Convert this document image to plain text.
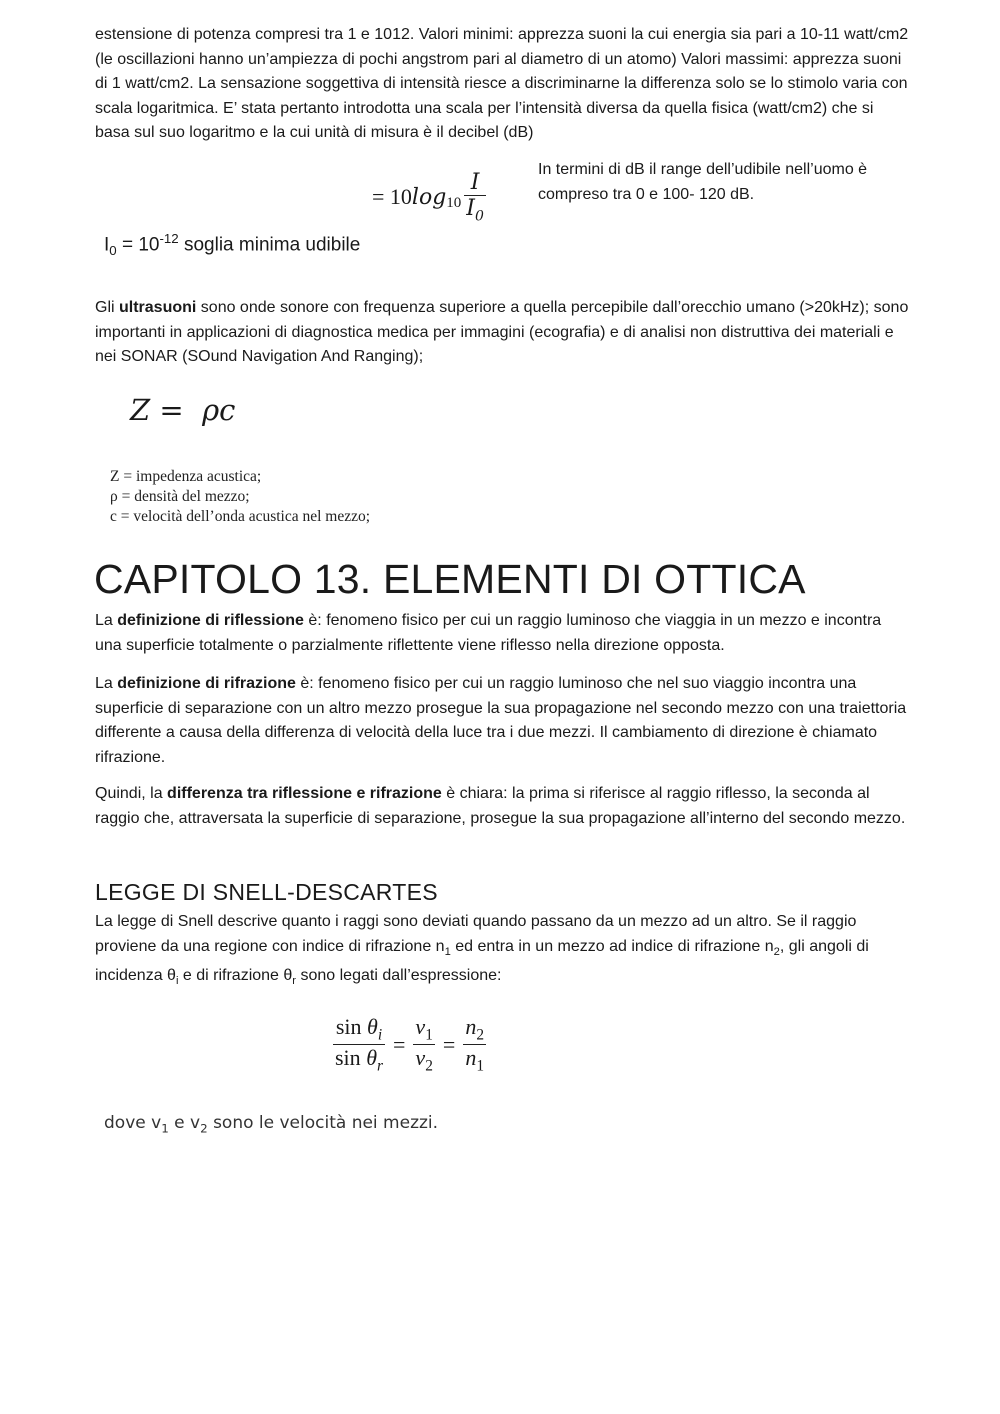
estensione di potenza compresi tra 1 e 1012. Valori minimi: apprezza suoni la cui energia sia pari a 10-11 watt/cm2 (le oscillazioni hanno un’ampiezza di pochi angstrom pari al diametro di un atomo) Valori massimi: apprezza suoni di 1 watt/cm2. La sensazione soggettiva di intensità riesce a discriminarne la differenza solo se lo stimolo varia con scala logaritmica. E’ stata pertanto introdotta una scala per l’intensità diversa da quella fisica (watt/cm2) che si basa sul suo logaritmo e la cui unità di misura è il decibel (dB)

= 10 $\log_{10} \frac{I}{I_0}$

In termini di dB il range dell’udibile nell’uomo è compreso tra 0 e 100- 120 dB.

$I_0 = 10^{-12}$ soglia minima udibile

Gli ultrasuoni sono onde sonore con frequenza superiore a quella percepibile dall’orecchio umano (>20kHz); sono importanti in applicazioni di diagnostica medica per immagini (ecografia) e di analisi non distruttiva dei materiali e nei SONAR (SOund Navigation And Ranging);

Z =  ρc
Z = impedenza acustica;
ρ = densità del mezzo;
c = velocità dell’onda acustica nel mezzo;
CAPITOLO 13. ELEMENTI DI OTTICA

La definizione di riflessione è: fenomeno fisico per cui un raggio luminoso che viaggia in un mezzo e incontra una superficie totalmente o parzialmente riflettente viene riflesso nella direzione opposta.

La definizione di rifrazione è: fenomeno fisico per cui un raggio luminoso che nel suo viaggio incontra una superficie di separazione con un altro mezzo prosegue la sua propagazione nel secondo mezzo con una traiettoria differente a causa della differenza di velocità della luce tra i due mezzi. Il cambiamento di direzione è chiamato rifrazione.

Quindi, la differenza tra riflessione e rifrazione è chiara: la prima si riferisce al raggio riflesso, la seconda al raggio che, attraversata la superficie di separazione, prosegue la sua propagazione all’interno del secondo mezzo.

LEGGE DI SNELL-DESCARTES

La legge di Snell descrive quanto i raggi sono deviati quando passano da un mezzo ad un altro. Se il raggio proviene da una regione con indice di rifrazione $n_1$ ed entra in un mezzo ad indice di rifrazione $n_2$, gli angoli di incidenza $\theta_i$ e di rifrazione $\theta_r$ sono legati dall’espressione:

$\frac{\sin \theta_i}{\sin \theta_r} = \frac{v_1}{v_2} = \frac{n_2}{n_1}$
dove $v_1$ e $v_2$ sono le velocità nei mezzi.
